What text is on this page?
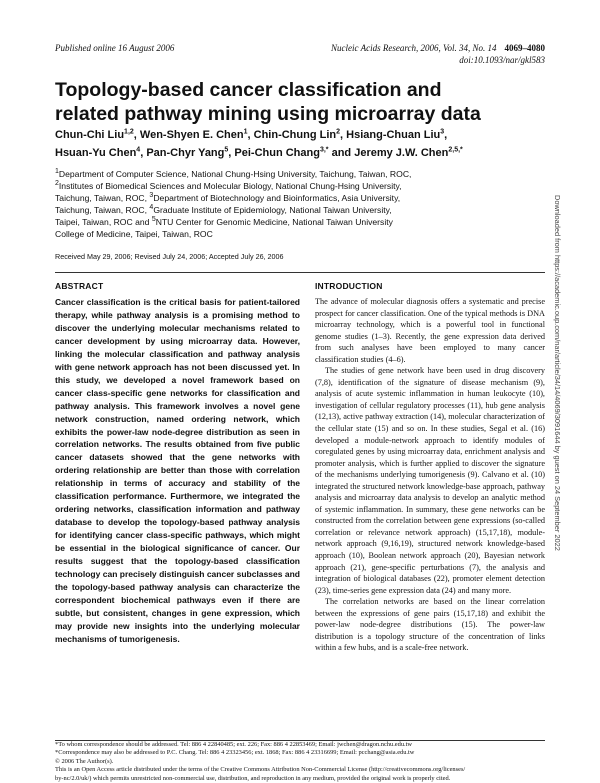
Published online 16 August 2006	Nucleic Acids Research, 2006, Vol. 34, No. 14 4069–4080
doi:10.1093/nar/gkl583
Topology-based cancer classification and related pathway mining using microarray data
Chun-Chi Liu$^{1,2}$, Wen-Shyen E. Chen$^1$, Chin-Chung Lin$^2$, Hsiang-Chuan Liu$^3$,
Hsuan-Yu Chen$^4$, Pan-Chyr Yang$^5$, Pei-Chun Chang$^{3,*}$ and Jeremy J.W. Chen$^{2,5,*}$
$^1$Department of Computer Science, National Chung-Hsing University, Taichung, Taiwan, ROC,
$^2$Institutes of Biomedical Sciences and Molecular Biology, National Chung-Hsing University,
Taichung, Taiwan, ROC, $^3$Department of Biotechnology and Bioinformatics, Asia University,
Taichung, Taiwan, ROC, $^4$Graduate Institute of Epidemiology, National Taiwan University,
Taipei, Taiwan, ROC and $^5$NTU Center for Genomic Medicine, National Taiwan University
College of Medicine, Taipei, Taiwan, ROC
Received May 29, 2006; Revised July 24, 2006; Accepted July 26, 2006
ABSTRACT

Cancer classification is the critical basis for patient-tailored therapy, while pathway analysis is a promising method to discover the underlying molecular mechanisms related to cancer development by using microarray data. However, linking the molecular classification and pathway analysis with gene network approach has not been discussed yet. In this study, we developed a novel framework based on cancer class-specific gene networks for classification and pathway analysis. This framework involves a novel gene network construction, named ordering network, which exhibits the power-law node-degree distribution as seen in correlation networks. The results obtained from five public cancer datasets showed that the gene networks with ordering relationship are better than those with correlation relationship in terms of accuracy and stability of the classification performance. Furthermore, we integrated the ordering networks, classification information and pathway database to develop the topology-based pathway analysis for identifying cancer class-specific pathways, which might be essential in the biological significance of cancer. Our results suggest that the topology-based classification technology can precisely distinguish cancer subclasses and the topology-based pathway analysis can characterize the correspondent biochemical pathways even if there are subtle, but consistent, changes in gene expression, which may provide new insights into the underlying molecular mechanisms of tumorigenesis.

INTRODUCTION

The advance of molecular diagnosis offers a systematic and precise prospect for cancer classification. One of the typical methods is DNA microarray technology, which is a powerful tool in functional genome studies (1–3). Recently, the gene expression data derived from such analyses have been employed to many cancer classification studies (4–6).

The studies of gene network have been used in drug discovery (7,8), identification of the signature of disease mechanism (9), analysis of acute systemic inflammation in human leukocyte (10), investigation of cellular regulatory processes (11), hub gene analysis (12,13), active pathway extraction (14), molecular characterization of the cellular state (15) and so on. In these studies, Segal et al. (16) developed a module-network approach to identify modules of coregulated genes by using microarray data, enrichment analysis and promoter analysis, which is further applied to discover the signature of the mechanisms underlying tumorigenesis (9). Calvano et al. (10) integrated the structured network knowledge-base approach, pathway analysis and microarray data analysis to develop an analytic method of systemic inflammation. In summary, these gene networks can be constructed from the correlation between gene expressions (so-called correlation or relevance network approach) (15,17,18), module-network approach (9,16,19), structured network knowledge-based approach (10), Boolean network approach (20), Bayesian network approach (21), gene-specific perturbations (7), the analysis and integration of biological databases (22), promoter element detection (23), time-series gene expression data (24) and many more.

The correlation networks are based on the linear correlation between the expressions of gene pairs (15,17,18) and exhibit the power-law node-degree distributions (15). The power-law distribution is a topology structure of the concentration of links within a few hubs, and is a scale-free network.

*To whom correspondence should be addressed. Tel: 886 4 22840485; ext. 226; Fax: 886 4 22853469; Email: jwchen@dragon.nchu.edu.tw
*Correspondence may also be addressed to P.C. Chang. Tel: 886 4 23323456; ext. 1868; Fax: 886 4 23316699; Email: pcchang@asia.edu.tw
© 2006 The Author(s).
This is an Open Access article distributed under the terms of the Creative Commons Attribution Non-Commercial License (http://creativecommons.org/licenses/
by-nc/2.0/uk/) which permits unrestricted non-commercial use, distribution, and reproduction in any medium, provided the original work is properly cited.
Downloaded from https://academic.oup.com/nar/article/34/14/4069/3091644 by guest on 24 September 2022
